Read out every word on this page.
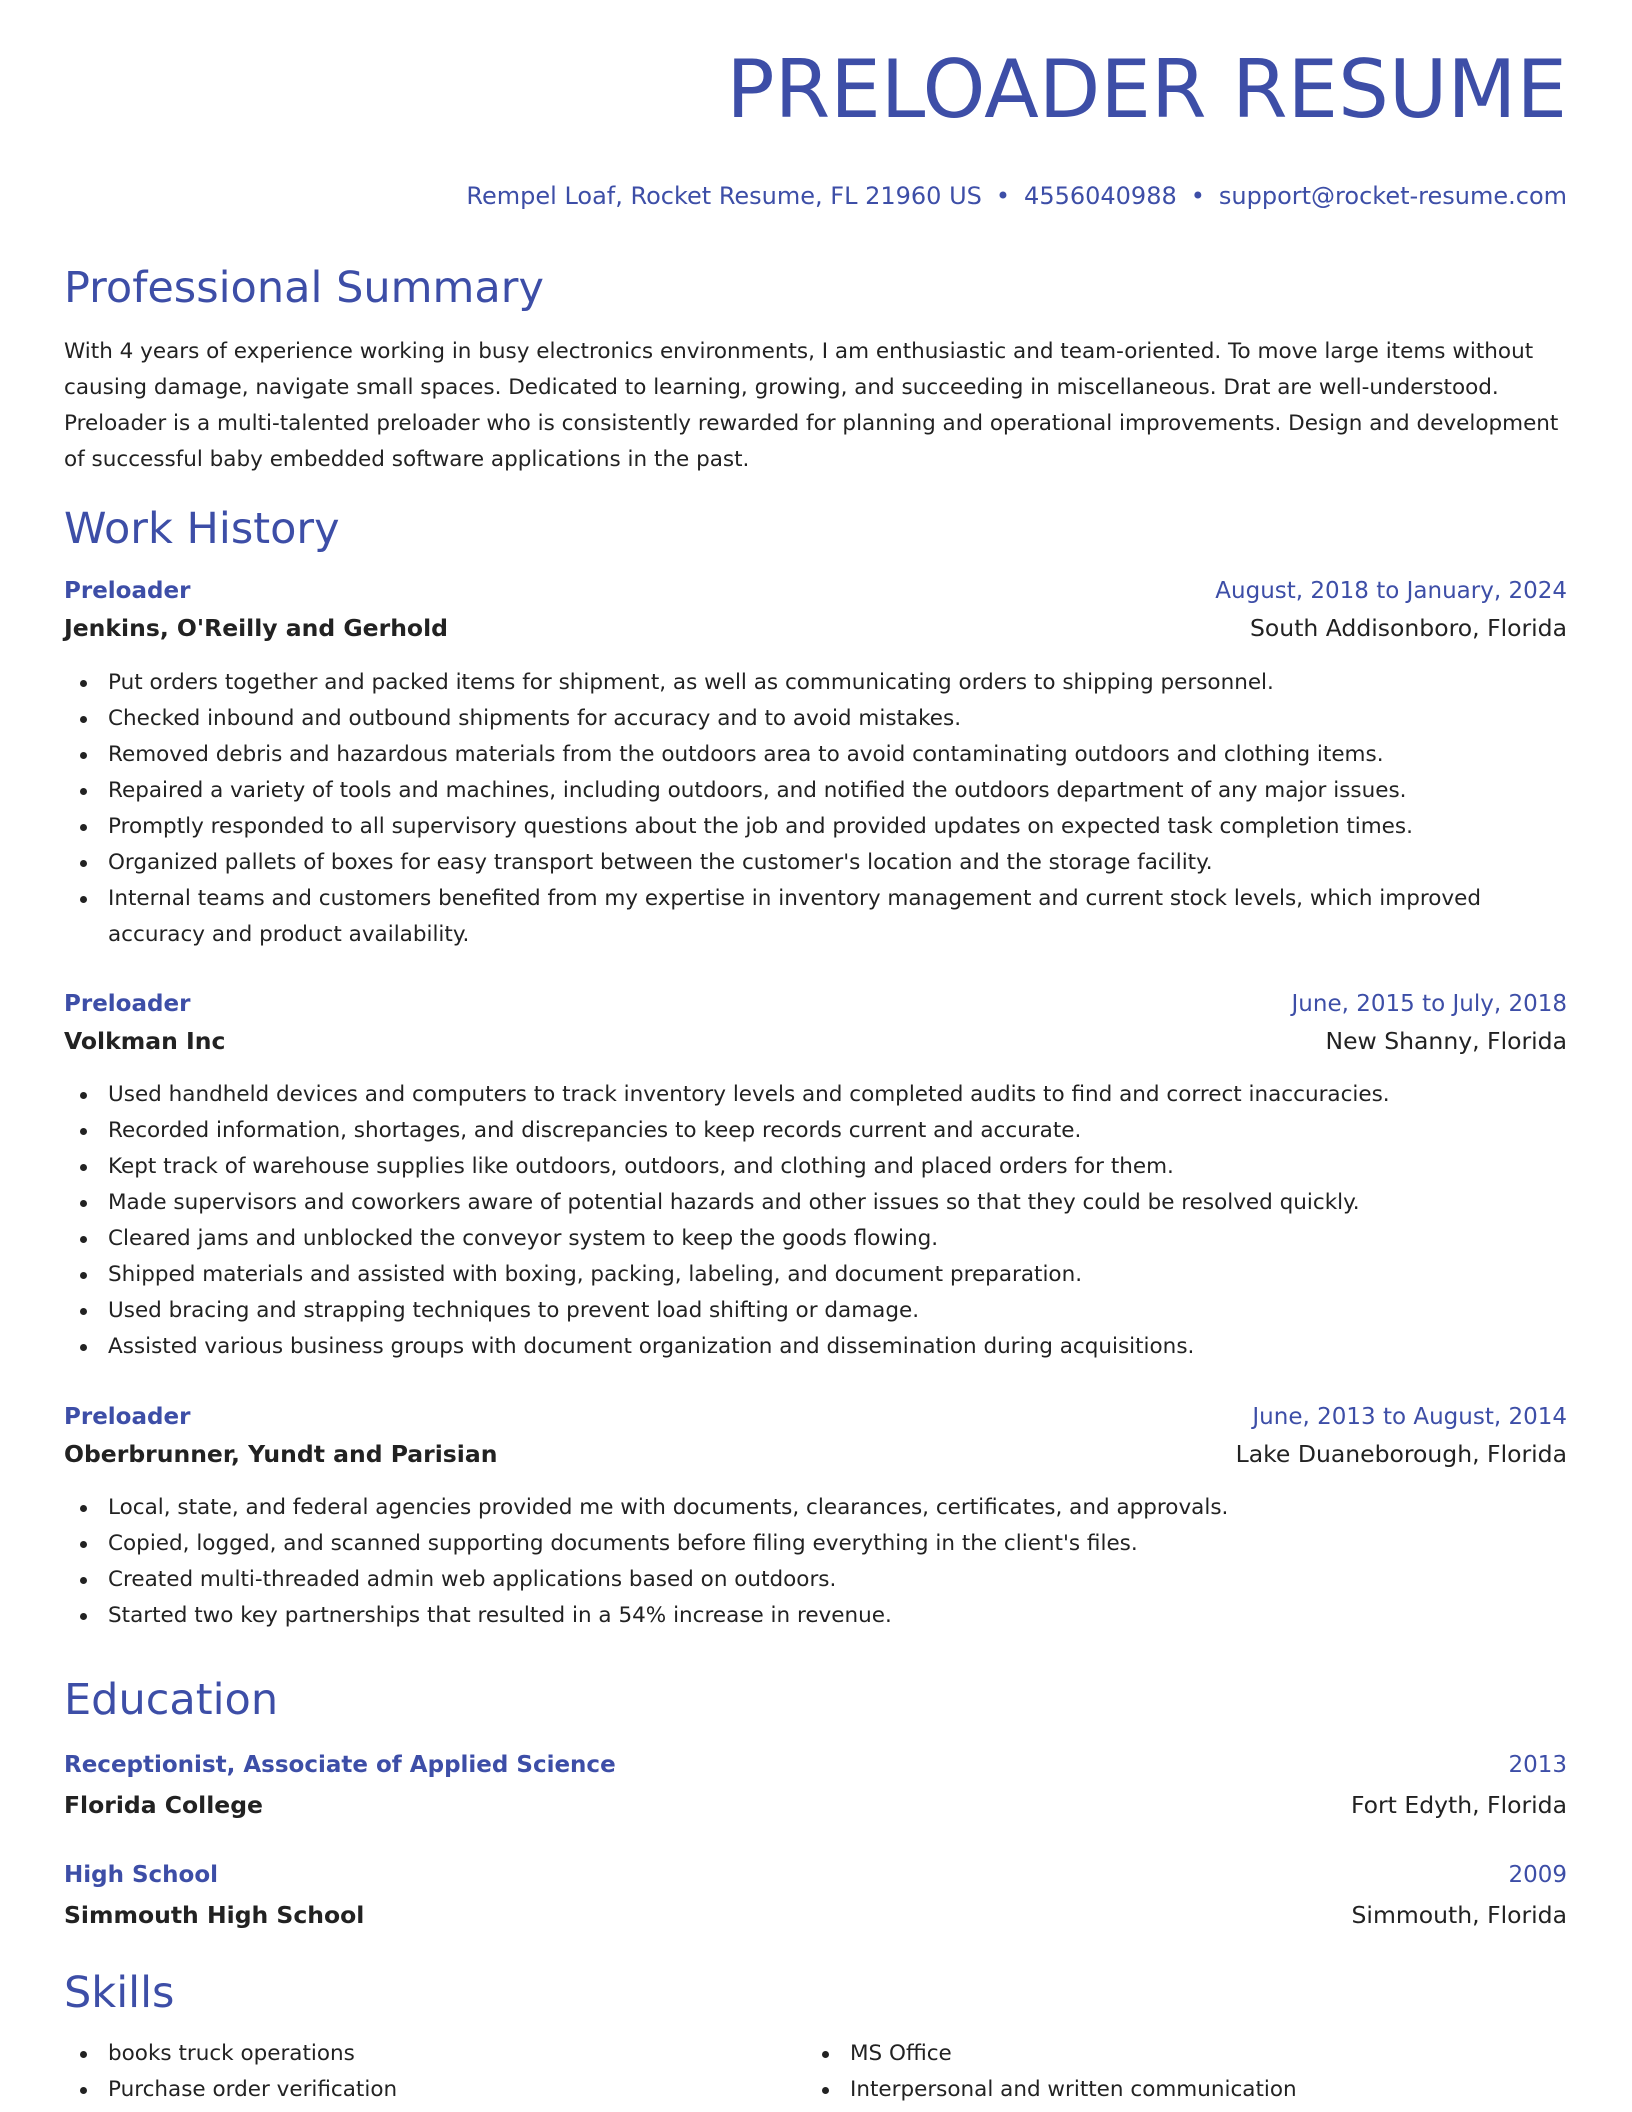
PRELOADER RESUME
Rempel Loaf, Rocket Resume, FL 21960 US • 4556040988 • support@rocket-resume.com
Professional Summary

With 4 years of experience working in busy electronics environments, I am enthusiastic and team-oriented. To move large items without causing damage, navigate small spaces. Dedicated to learning, growing, and succeeding in miscellaneous. Drat are well-understood. Preloader is a multi-talented preloader who is consistently rewarded for planning and operational improvements. Design and development of successful baby embedded software applications in the past.

Work History
Preloader	August, 2018 to January, 2024
Jenkins, O'Reilly and Gerhold	South Addisonboro, Florida
Put orders together and packed items for shipment, as well as communicating orders to shipping personnel.
Checked inbound and outbound shipments for accuracy and to avoid mistakes.
Removed debris and hazardous materials from the outdoors area to avoid contaminating outdoors and clothing items.
Repaired a variety of tools and machines, including outdoors, and notified the outdoors department of any major issues.
Promptly responded to all supervisory questions about the job and provided updates on expected task completion times.
Organized pallets of boxes for easy transport between the customer's location and the storage facility.
Internal teams and customers benefited from my expertise in inventory management and current stock levels, which improved accuracy and product availability.
Preloader	June, 2015 to July, 2018
Volkman Inc	New Shanny, Florida
Used handheld devices and computers to track inventory levels and completed audits to find and correct inaccuracies.
Recorded information, shortages, and discrepancies to keep records current and accurate.
Kept track of warehouse supplies like outdoors, outdoors, and clothing and placed orders for them.
Made supervisors and coworkers aware of potential hazards and other issues so that they could be resolved quickly.
Cleared jams and unblocked the conveyor system to keep the goods flowing.
Shipped materials and assisted with boxing, packing, labeling, and document preparation.
Used bracing and strapping techniques to prevent load shifting or damage.
Assisted various business groups with document organization and dissemination during acquisitions.
Preloader	June, 2013 to August, 2014
Oberbrunner, Yundt and Parisian	Lake Duaneborough, Florida
Local, state, and federal agencies provided me with documents, clearances, certificates, and approvals.
Copied, logged, and scanned supporting documents before filing everything in the client's files.
Created multi-threaded admin web applications based on outdoors.
Started two key partnerships that resulted in a 54% increase in revenue.
Education
Receptionist, Associate of Applied Science	2013
Florida College	Fort Edyth, Florida
High School	2009
Simmouth High School	Simmouth, Florida
Skills
books truck operations
Purchase order verification
MS Office
Interpersonal and written communication
